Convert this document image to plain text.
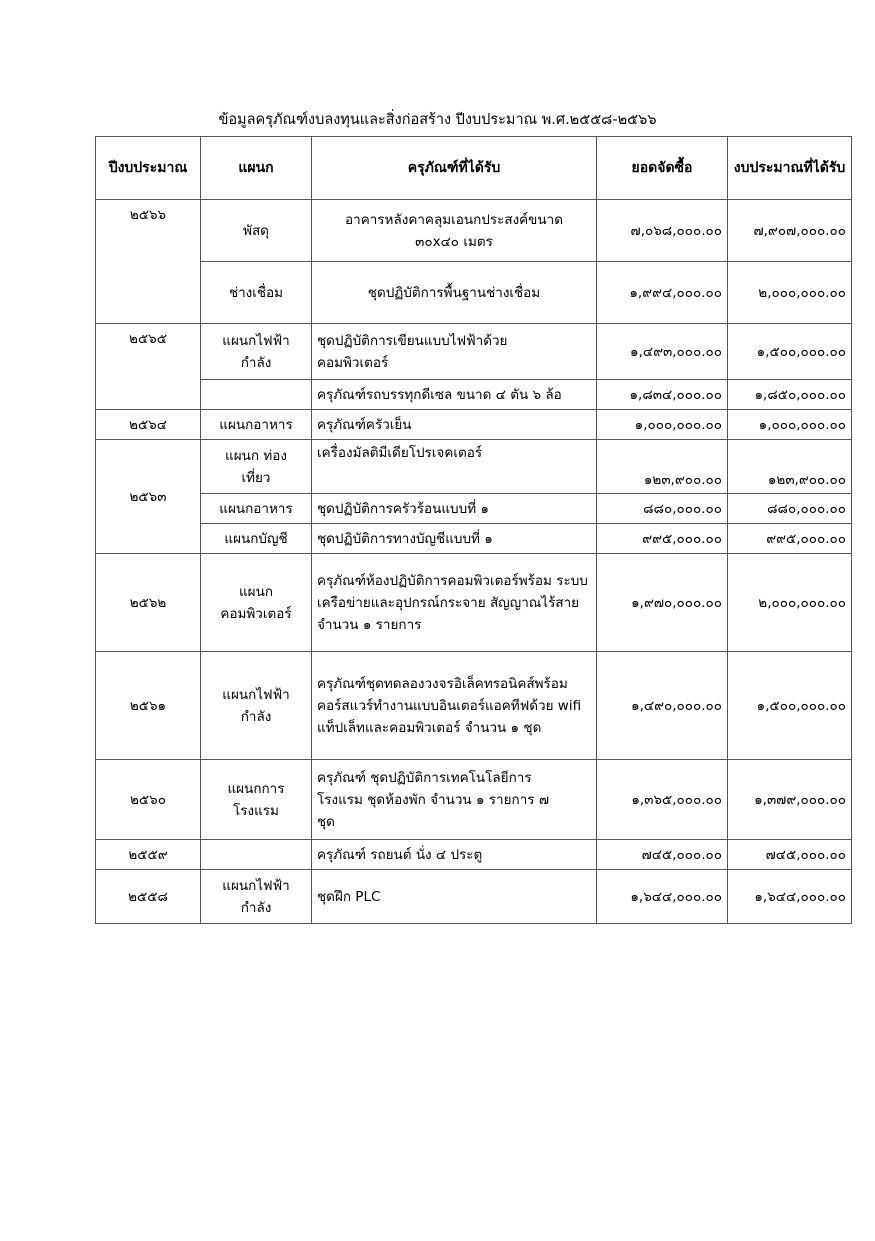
ข้อมูลครุภัณฑ์งบลงทุนและสิ่งก่อสร้าง ปีงบประมาณ พ.ศ.๒๕๕๘-๒๕๖๖
ปีงบประมาณ	แผนก	ครุภัณฑ์ที่ได้รับ	ยอดจัดซื้อ	งบประมาณที่ได้รับ
๒๕๖๖	พัสดุ	อาคารหลังคาคลุมเอนกประสงค์ขนาด ๓๐x๔๐ เมตร	๗,๐๖๘,๐๐๐.๐๐	๗,๙๐๗,๐๐๐.๐๐
	ช่างเชื่อม	ชุดปฏิบัติการพื้นฐานช่างเชื่อม	๑,๙๙๔,๐๐๐.๐๐	๒,๐๐๐,๐๐๐.๐๐
๒๕๖๕	แผนกไฟฟ้า กำลัง	ชุดปฏิบัติการเขียนแบบไฟฟ้าด้วย คอมพิวเตอร์	๑,๔๙๓,๐๐๐.๐๐	๑,๕๐๐,๐๐๐.๐๐
		ครุภัณฑ์รถบรรทุกดีเซล ขนาด ๔ ตัน ๖ ล้อ	๑,๘๓๔,๐๐๐.๐๐	๑,๘๕๐,๐๐๐.๐๐
๒๕๖๔	แผนกอาหาร	ครุภัณฑ์ครัวเย็น	๑,๐๐๐,๐๐๐.๐๐	๑,๐๐๐,๐๐๐.๐๐
๒๕๖๓	แผนก ท่องเที่ยว	เครื่องมัลติมีเดียโปรเจคเตอร์	๑๒๓,๙๐๐.๐๐	๑๒๓,๙๐๐.๐๐
	แผนกอาหาร	ชุดปฏิบัติการครัวร้อนแบบที่ ๑	๘๘๐,๐๐๐.๐๐	๘๘๐,๐๐๐.๐๐
	แผนกบัญชี	ชุดปฏิบัติการทางบัญชีแบบที่ ๑	๙๙๕,๐๐๐.๐๐	๙๙๕,๐๐๐.๐๐
๒๕๖๒	แผนก คอมพิวเตอร์	ครุภัณฑ์ห้องปฏิบัติการคอมพิวเตอร์พร้อม ระบบเครือข่ายและอุปกรณ์กระจาย สัญญาณไร้สาย จำนวน ๑ รายการ	๑,๙๗๐,๐๐๐.๐๐	๒,๐๐๐,๐๐๐.๐๐
๒๕๖๑	แผนกไฟฟ้า กำลัง	ครุภัณฑ์ชุดทดลองวงจรอิเล็คทรอนิคส์พร้อม คอร์สแวร์ทำงานแบบอินเตอร์แอคทีฟด้วย wifi แท็ปเล็ทและคอมพิวเตอร์ จำนวน ๑ ชุด	๑,๔๙๐,๐๐๐.๐๐	๑,๕๐๐,๐๐๐.๐๐
๒๕๖๐	แผนกการ โรงแรม	ครุภัณฑ์ ชุดปฏิบัติการเทคโนโลยีการ โรงแรม ชุดห้องพัก จำนวน ๑ รายการ ๗ ชุด	๑,๓๖๕,๐๐๐.๐๐	๑,๓๗๙,๐๐๐.๐๐
๒๕๕๙		ครุภัณฑ์ รถยนต์ นั่ง ๔ ประตู	๗๔๕,๐๐๐.๐๐	๗๔๕,๐๐๐.๐๐
๒๕๕๘	แผนกไฟฟ้า กำลัง	ชุดฝึก PLC	๑,๖๔๔,๐๐๐.๐๐	๑,๖๔๔,๐๐๐.๐๐
